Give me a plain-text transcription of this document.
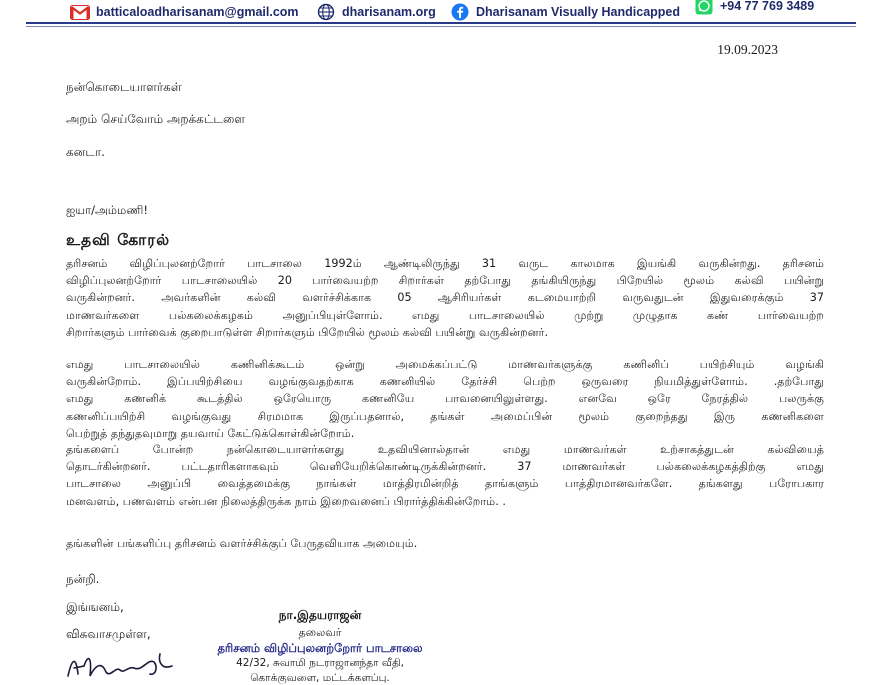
batticaloadharisanam@gmail.com	dharisanam.org	Dharisanam Visually Handicapped	+94 77 769 3489
19.09.2023
நன்கொடையாளர்கள்
அறம் செய்வோம் அறக்கட்டளை
கனடா.
ஐயா/அம்மணி!
உதவி கோரல்
தரிசனம் விழிப்புலனற்றோர் பாடசாலை 1992ம் ஆண்டிலிருந்து 31 வருட காலமாக இயங்கி வருகின்றது. தரிசனம்
விழிப்புலனற்றோர் பாடசாலையில் 20 பார்வையற்ற சிறார்கள் தற்போது தங்கியிருந்து பிறேயில் மூலம் கல்வி பயின்று
வருகின்றனர். அவர்களின் கல்வி வளர்ச்சிக்காக 05 ஆசிரியர்கள் கடமையாற்றி வருவதுடன் இதுவரைக்கும் 37
மாணவர்களை பல்கலைக்கழகம் அனுப்பியுள்ளோம். எமது பாடசாலையில் முற்று முழுதாக கண் பார்வையற்ற
சிறார்களும் பார்வைக் குறைபாடுள்ள சிறார்களும் பிறேயில் மூலம் கல்வி பயின்று வருகின்றனர்.
எமது பாடசாலையில் கணினிக்கூடம் ஒன்று அமைக்கப்பட்டு மாணவர்களுக்கு கணினிப் பயிற்சியும் வழங்கி
வருகின்றோம். இப்பயிற்சியை வழங்குவதற்காக கணனியில் தேர்ச்சி பெற்ற ஒருவரை நியமித்துள்ளோம். .தற்போது
எமது கணனிக் கூடத்தில் ஒரேயொரு கணனியே பாவனையிலுள்ளது. எனவே ஒரே நேரத்தில் பலருக்கு
கணனிப்பயிற்சி வழங்குவது சிரமமாக இருப்பதனால், தங்கள் அமைப்பின் மூலம் குறைந்தது இரு கணனிகளை
பெற்றுத் தந்துதவுமாறு தயவாய் கேட்டுக்கொள்கின்றோம்.
தங்களைப் போன்ற நன்கொடையாளர்களது உதவியினால்தான் எமது மாணவர்கள் உற்சாகத்துடன் கல்வியைத்
தொடர்கின்றனர். பட்டதாரிகளாகவும் வெளியேறிக்கொண்டிருக்கின்றனர். 37 மாணவர்கள் பல்கலைக்கழகத்திற்கு எமது
பாடசாலை அனுப்பி வைத்தமைக்கு நாங்கள் மாத்திரமின்றித் தாங்களும் பாத்திரமானவர்களே. தங்களது பரோபகார
மனவளம், பணவளம் என்பன நிலைத்திருக்க நாம் இறைவனைப் பிரார்த்திக்கின்றோம். .
தங்களின் பங்களிப்பு தரிசனம் வளர்ச்சிக்குப் பேருதவியாக அமையும்.
நன்றி.
இங்ஙனம்,
விசுவாசமுள்ள,
நா.இதயராஜன்
தலைவர்
தரிசனம் விழிப்புலனற்றோர் பாடசாலை
42/32, சுவாமி நடராஜானந்தா வீதி,
கொக்குவளை, மட்டக்களப்பு.
